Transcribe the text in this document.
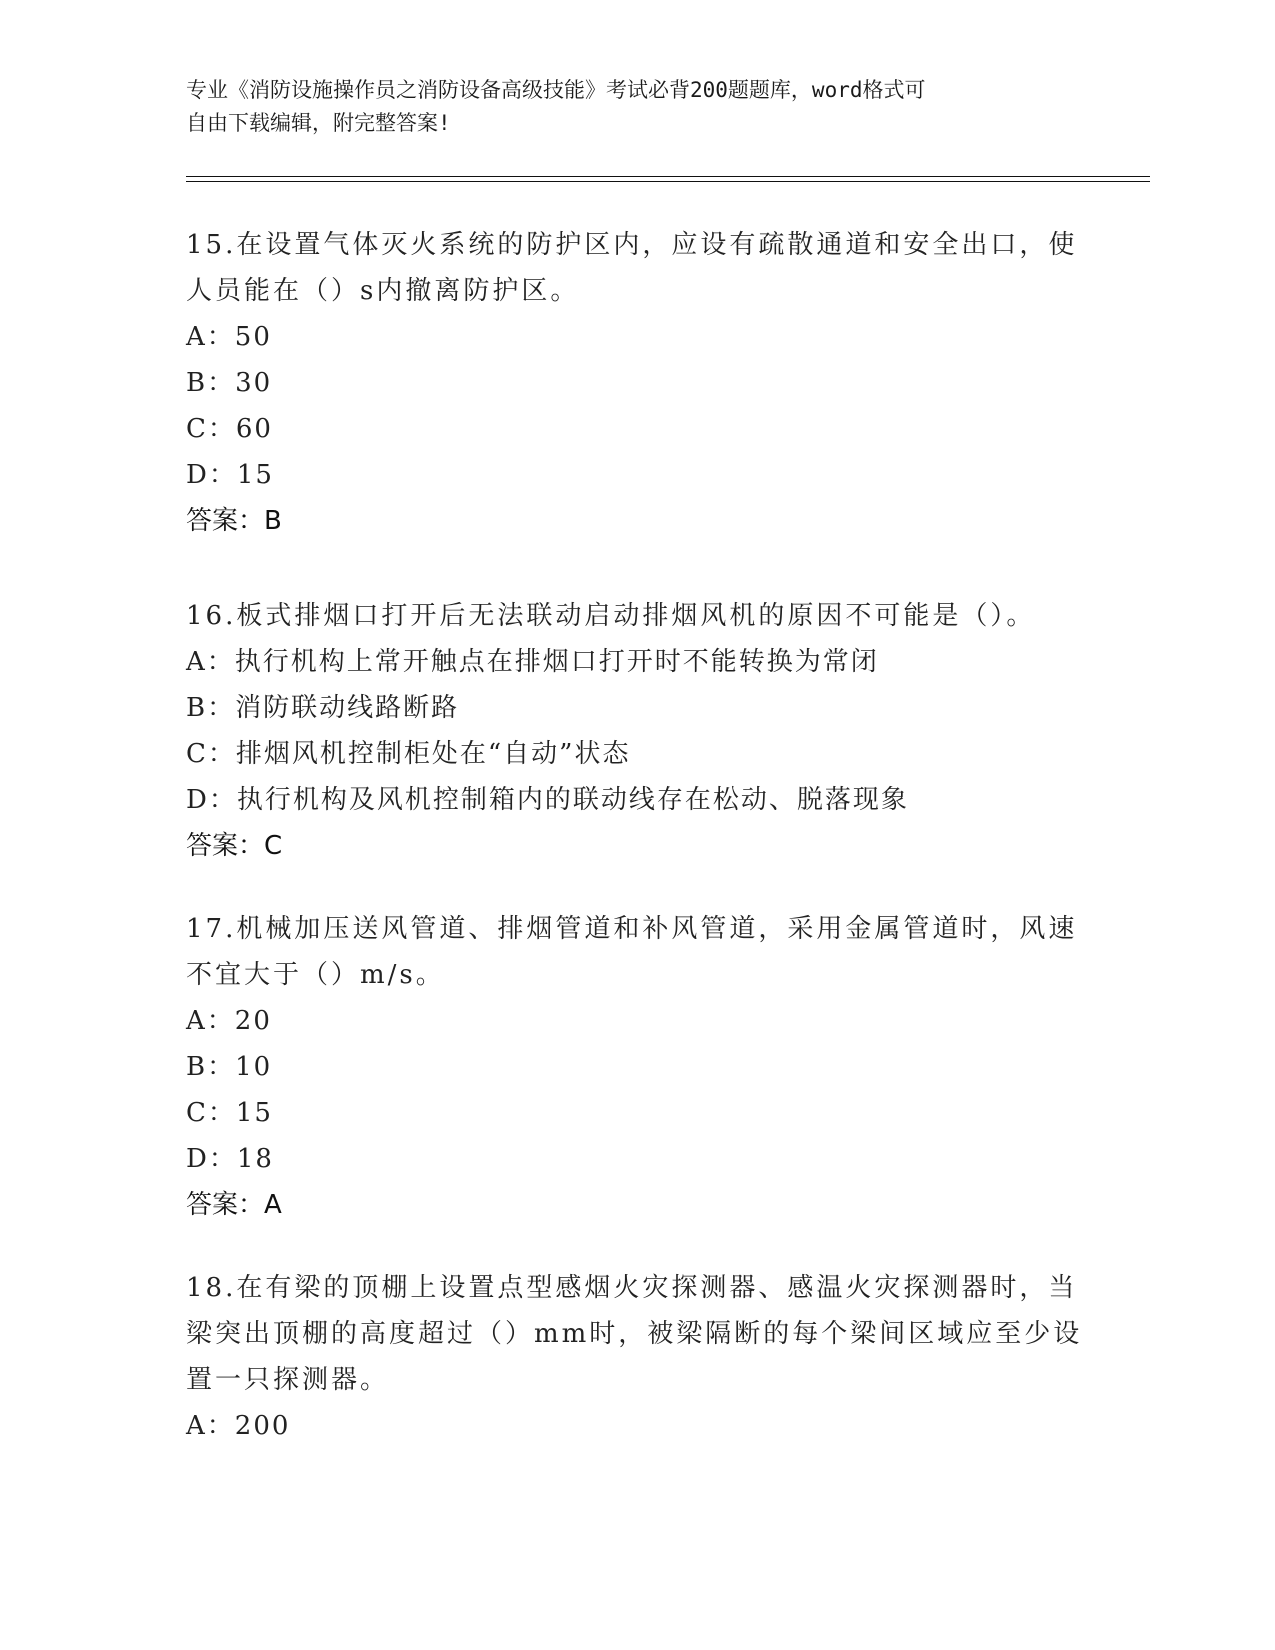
专业《消防设施操作员之消防设备高级技能》考试必背200题题库，word格式可
自由下载编辑，附完整答案!
15.在设置气体灭火系统的防护区内，应设有疏散通道和安全出口，使
人员能在（）s内撤离防护区。
A：50
B：30
C：60
D：15
答案：B
16.板式排烟口打开后无法联动启动排烟风机的原因不可能是（）。
A：执行机构上常开触点在排烟口打开时不能转换为常闭
B：消防联动线路断路
C：排烟风机控制柜处在“自动”状态
D：执行机构及风机控制箱内的联动线存在松动、脱落现象
答案：C
17.机械加压送风管道、排烟管道和补风管道，采用金属管道时，风速
不宜大于（）m/s。
A：20
B：10
C：15
D：18
答案：A
18.在有梁的顶棚上设置点型感烟火灾探测器、感温火灾探测器时，当
梁突出顶棚的高度超过（）mm时，被梁隔断的每个梁间区域应至少设
置一只探测器。
A：200
